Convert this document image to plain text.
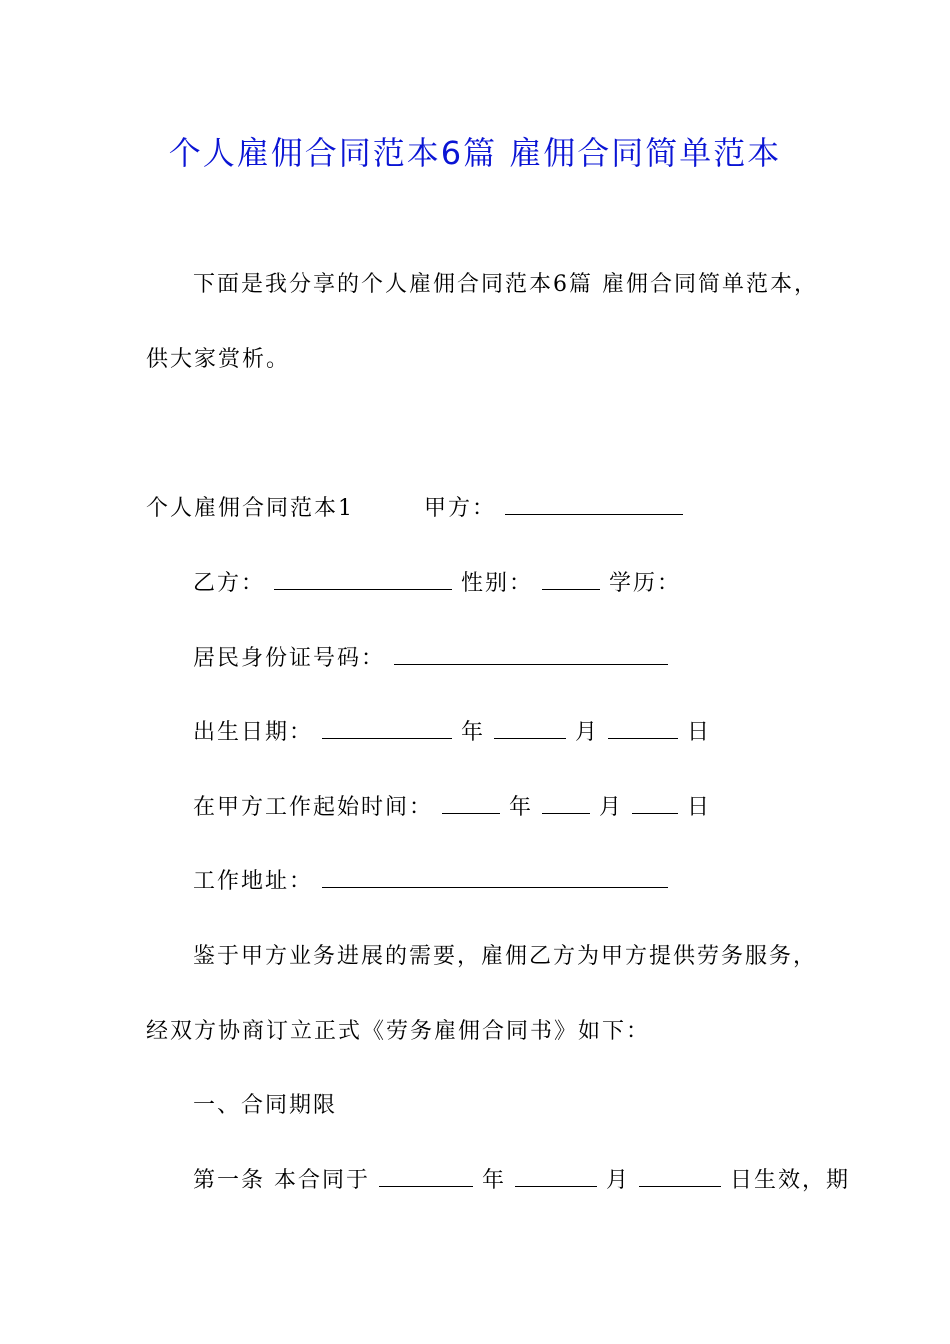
个人雇佣合同范本6篇 雇佣合同简单范本
下面是我分享的个人雇佣合同范本6篇 雇佣合同简单范本，
供大家赏析。
个人雇佣合同范本1	甲方：
乙方：	性别：	学历：
居民身份证号码：
出生日期：	年	月	日
在甲方工作起始时间：	年	月	日
工作地址：
鉴于甲方业务进展的需要，雇佣乙方为甲方提供劳务服务，
经双方协商订立正式《劳务雇佣合同书》如下：
一、合同期限
第一条 本合同于	年	月	日生效，期
